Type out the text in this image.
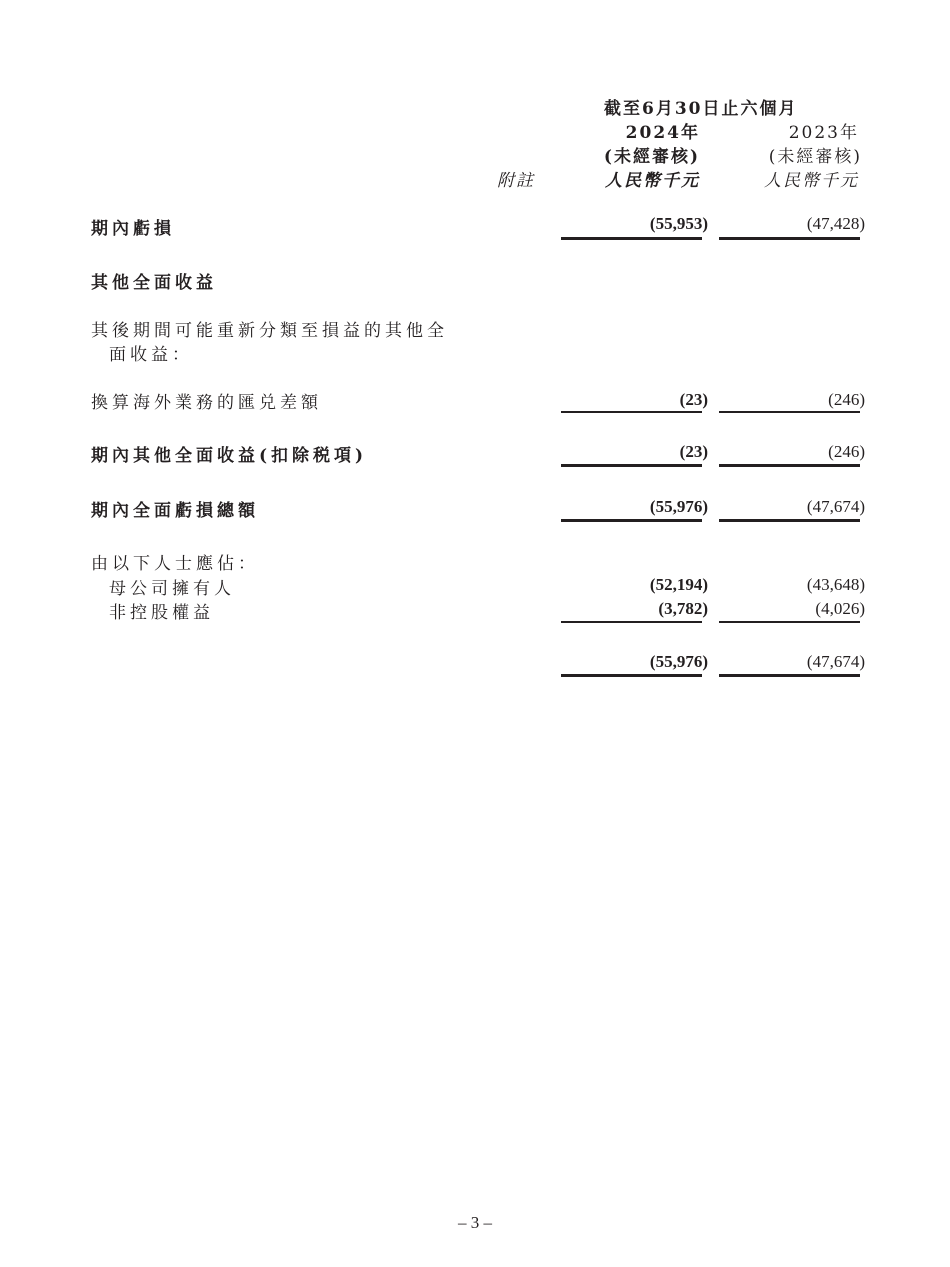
截至6月30日止六個月
2024年	2023年
(未經審核)	(未經審核)
附註	人民幣千元	人民幣千元
期內虧損	(55,953)	(47,428)
其他全面收益
其後期間可能重新分類至損益的其他全
面收益：
換算海外業務的匯兑差額	(23)	(246)
期內其他全面收益(扣除税項)	(23)	(246)
期內全面虧損總額	(55,976)	(47,674)
由以下人士應佔：
母公司擁有人	(52,194)	(43,648)
非控股權益	(3,782)	(4,026)
(55,976)	(47,674)
– 3 –
